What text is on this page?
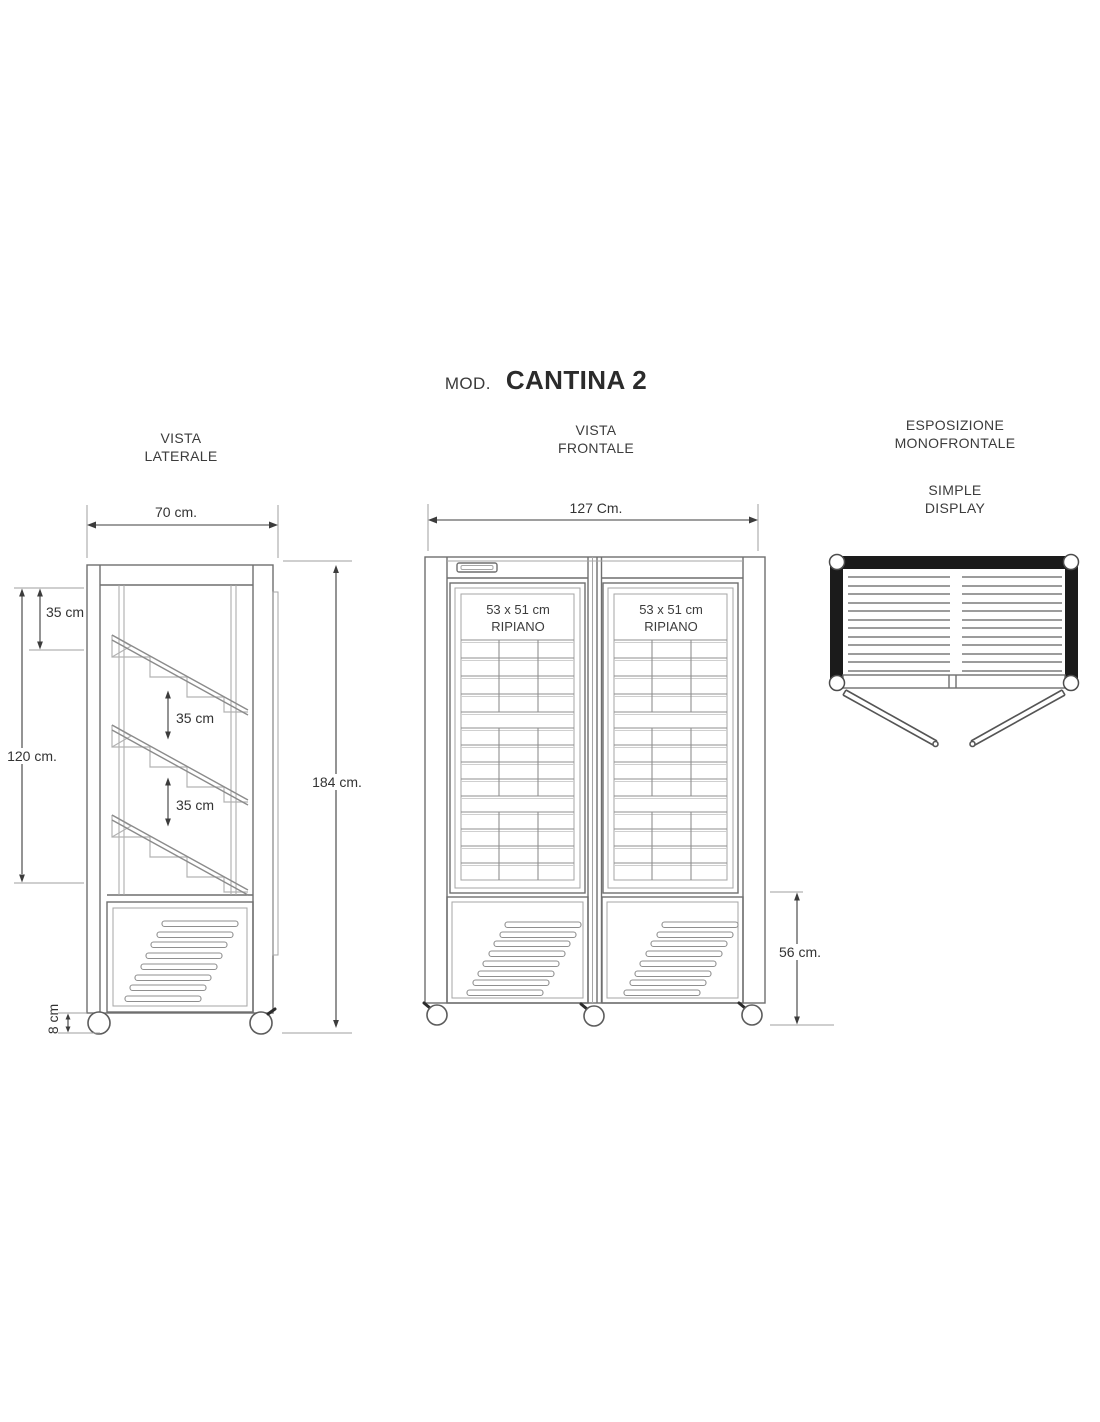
MOD. CANTINA 2
VISTA
LATERALE
VISTA
FRONTALE
ESPOSIZIONE
MONOFRONTALE
SIMPLE
DISPLAY
70 cm.
35 cm
120 cm.
35 cm
35 cm
184 cm.
8 cm
127 Cm.
56 cm.
53 x 51 cm
RIPIANO
53 x 51 cm
RIPIANO
